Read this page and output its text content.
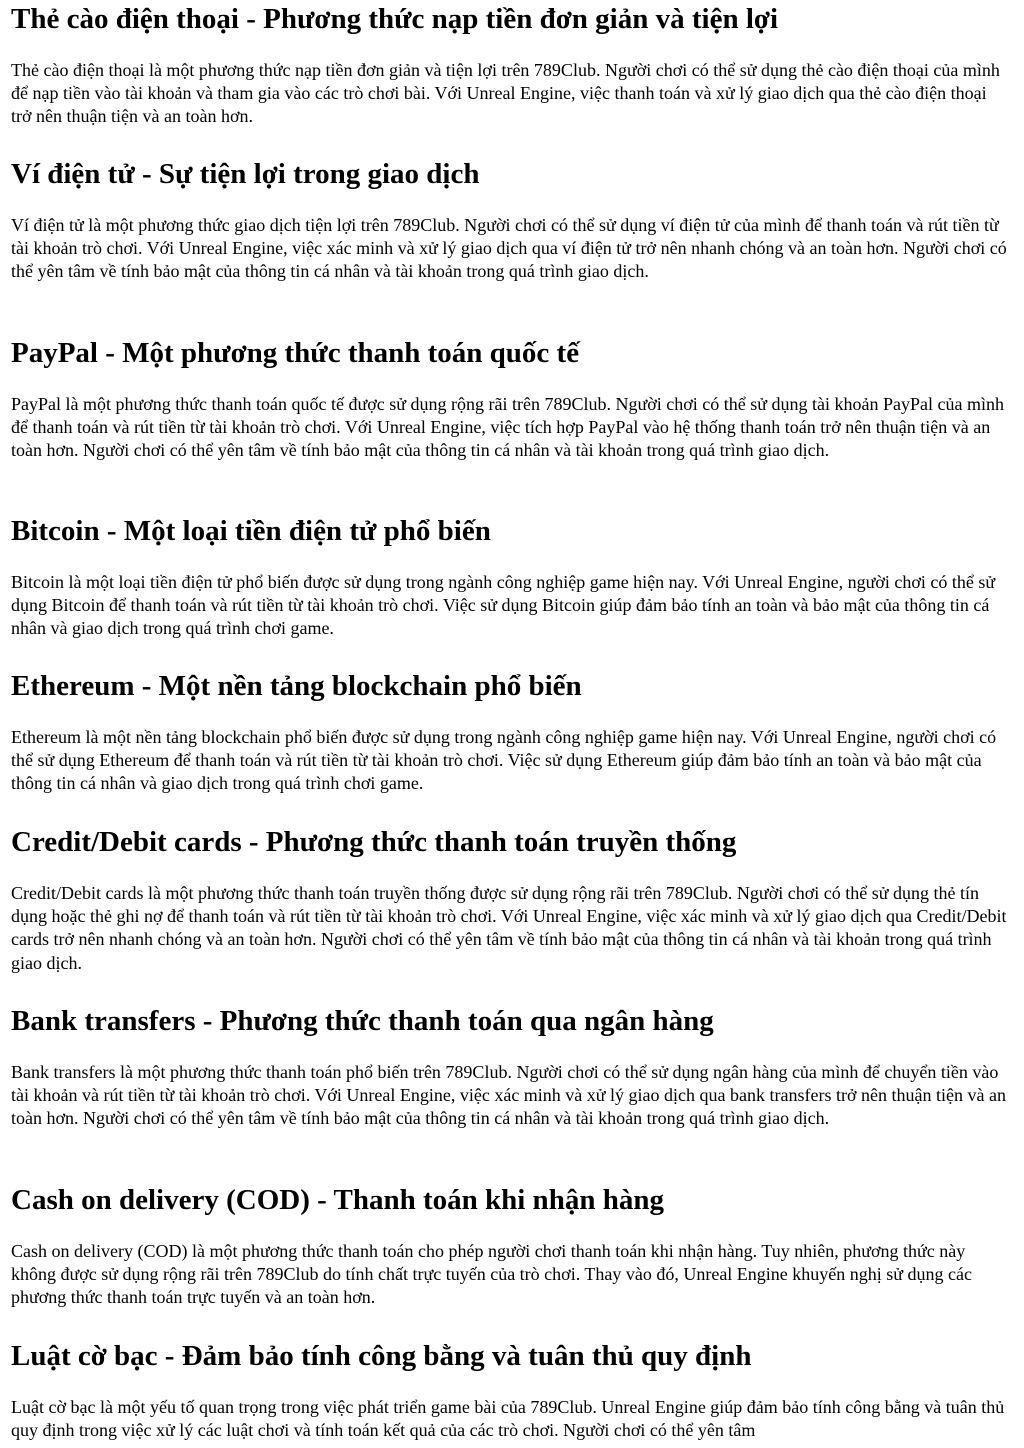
Thẻ cào điện thoại - Phương thức nạp tiền đơn giản và tiện lợi

Thẻ cào điện thoại là một phương thức nạp tiền đơn giản và tiện lợi trên 789Club. Người chơi có thể sử dụng thẻ cào điện thoại của mình để nạp tiền vào tài khoản và tham gia vào các trò chơi bài. Với Unreal Engine, việc thanh toán và xử lý giao dịch qua thẻ cào điện thoại trở nên thuận tiện và an toàn hơn.

Ví điện tử - Sự tiện lợi trong giao dịch

Ví điện tử là một phương thức giao dịch tiện lợi trên 789Club. Người chơi có thể sử dụng ví điện tử của mình để thanh toán và rút tiền từ tài khoản trò chơi. Với Unreal Engine, việc xác minh và xử lý giao dịch qua ví điện tử trở nên nhanh chóng và an toàn hơn. Người chơi có thể yên tâm về tính bảo mật của thông tin cá nhân và tài khoản trong quá trình giao dịch.

PayPal - Một phương thức thanh toán quốc tế

PayPal là một phương thức thanh toán quốc tế được sử dụng rộng rãi trên 789Club. Người chơi có thể sử dụng tài khoản PayPal của mình để thanh toán và rút tiền từ tài khoản trò chơi. Với Unreal Engine, việc tích hợp PayPal vào hệ thống thanh toán trở nên thuận tiện và an toàn hơn. Người chơi có thể yên tâm về tính bảo mật của thông tin cá nhân và tài khoản trong quá trình giao dịch.

Bitcoin - Một loại tiền điện tử phổ biến

Bitcoin là một loại tiền điện tử phổ biến được sử dụng trong ngành công nghiệp game hiện nay. Với Unreal Engine, người chơi có thể sử dụng Bitcoin để thanh toán và rút tiền từ tài khoản trò chơi. Việc sử dụng Bitcoin giúp đảm bảo tính an toàn và bảo mật của thông tin cá nhân và giao dịch trong quá trình chơi game.

Ethereum - Một nền tảng blockchain phổ biến

Ethereum là một nền tảng blockchain phổ biến được sử dụng trong ngành công nghiệp game hiện nay. Với Unreal Engine, người chơi có thể sử dụng Ethereum để thanh toán và rút tiền từ tài khoản trò chơi. Việc sử dụng Ethereum giúp đảm bảo tính an toàn và bảo mật của thông tin cá nhân và giao dịch trong quá trình chơi game.

Credit/Debit cards - Phương thức thanh toán truyền thống

Credit/Debit cards là một phương thức thanh toán truyền thống được sử dụng rộng rãi trên 789Club. Người chơi có thể sử dụng thẻ tín dụng hoặc thẻ ghi nợ để thanh toán và rút tiền từ tài khoản trò chơi. Với Unreal Engine, việc xác minh và xử lý giao dịch qua Credit/Debit cards trở nên nhanh chóng và an toàn hơn. Người chơi có thể yên tâm về tính bảo mật của thông tin cá nhân và tài khoản trong quá trình giao dịch.

Bank transfers - Phương thức thanh toán qua ngân hàng

Bank transfers là một phương thức thanh toán phổ biến trên 789Club. Người chơi có thể sử dụng ngân hàng của mình để chuyển tiền vào tài khoản và rút tiền từ tài khoản trò chơi. Với Unreal Engine, việc xác minh và xử lý giao dịch qua bank transfers trở nên thuận tiện và an toàn hơn. Người chơi có thể yên tâm về tính bảo mật của thông tin cá nhân và tài khoản trong quá trình giao dịch.

Cash on delivery (COD) - Thanh toán khi nhận hàng

Cash on delivery (COD) là một phương thức thanh toán cho phép người chơi thanh toán khi nhận hàng. Tuy nhiên, phương thức này không được sử dụng rộng rãi trên 789Club do tính chất trực tuyến của trò chơi. Thay vào đó, Unreal Engine khuyến nghị sử dụng các phương thức thanh toán trực tuyến và an toàn hơn.

Luật cờ bạc - Đảm bảo tính công bằng và tuân thủ quy định

Luật cờ bạc là một yếu tố quan trọng trong việc phát triển game bài của 789Club. Unreal Engine giúp đảm bảo tính công bằng và tuân thủ quy định trong việc xử lý các luật chơi và tính toán kết quả của các trò chơi. Người chơi có thể yên tâm
